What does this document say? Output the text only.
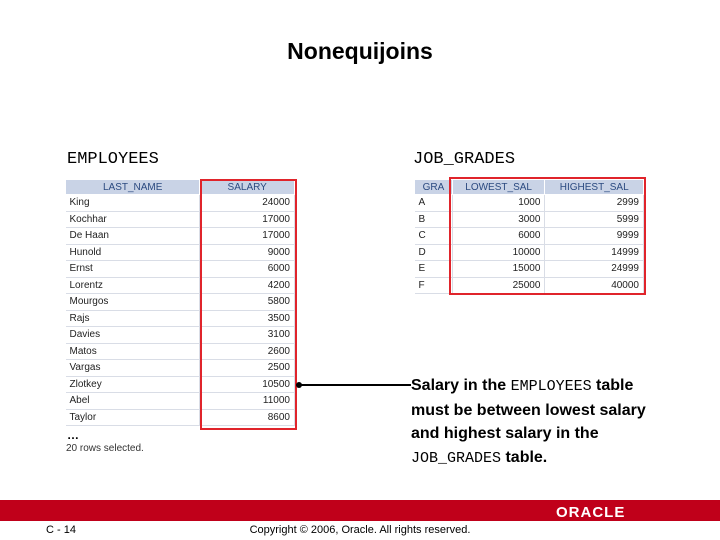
Nonequijoins
EMPLOYEES	JOB_GRADES
LAST_NAME	SALARY
King	24000
Kochhar	17000
De Haan	17000
Hunold	9000
Ernst	6000
Lorentz	4200
Mourgos	5800
Rajs	3500
Davies	3100
Matos	2600
Vargas	2500
Zlotkey	10500
Abel	11000
Taylor	8600
…
20 rows selected.
GRA	LOWEST_SAL	HIGHEST_SAL
A	1000	2999
B	3000	5999
C	6000	9999
D	10000	14999
E	15000	24999
F	25000	40000
Salary in the EMPLOYEES table must be between lowest salary and highest salary in the JOB_GRADES table.
ORACLE
Copyright © 2006, Oracle. All rights reserved.
C - 14
